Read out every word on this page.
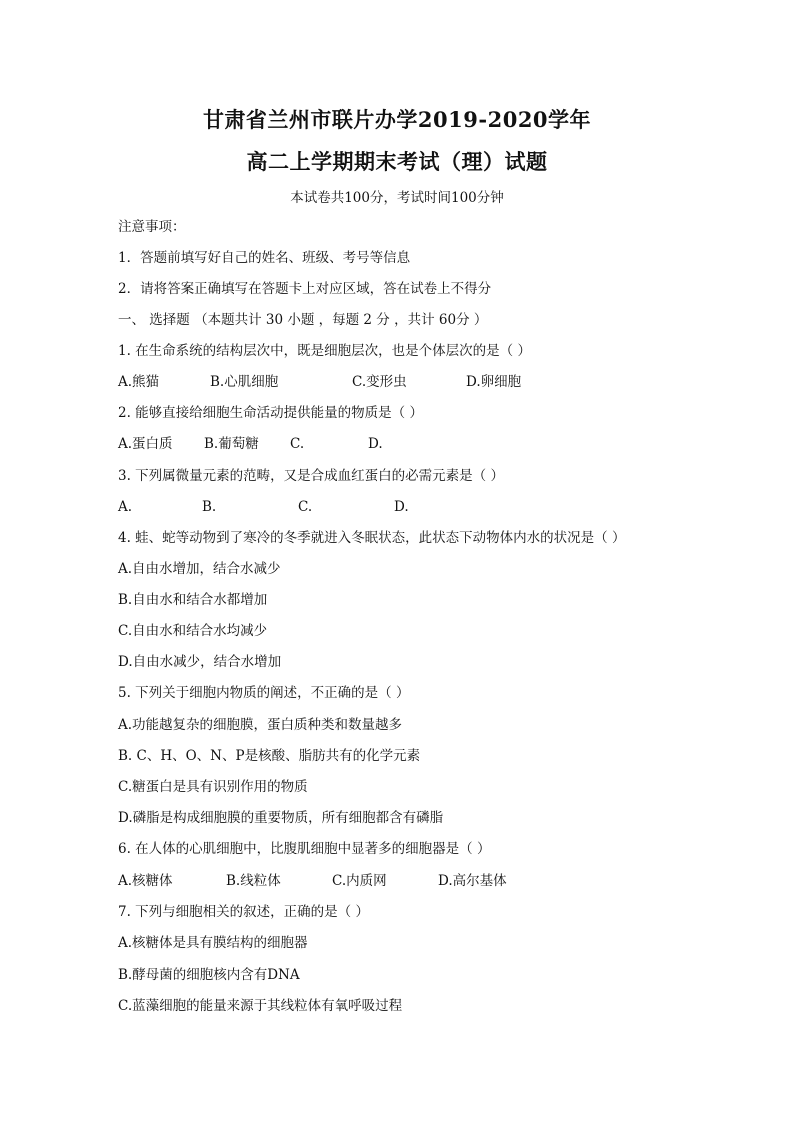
甘肃省兰州市联片办学2019-2020学年
高二上学期期末考试（理）试题
本试卷共100分，考试时间100分钟
注意事项：
1．答题前填写好自己的姓名、班级、考号等信息
2．请将答案正确填写在答题卡上对应区域，答在试卷上不得分
一、 选择题 （本题共计 30 小题 ，每题 2 分 ，共计 60分 ）
1. 在生命系统的结构层次中，既是细胞层次，也是个体层次的是（ ）
A.熊猫	B.心肌细胞	C.变形虫	D.卵细胞
2. 能够直接给细胞生命活动提供能量的物质是（ ）
A.蛋白质 B.葡萄糖 C.	D.
3. 下列属微量元素的范畴，又是合成血红蛋白的必需元素是（ ）
A.	B.	C.	D.
4. 蛙、蛇等动物到了寒冷的冬季就进入冬眠状态，此状态下动物体内水的状况是（ ）
A.自由水增加，结合水减少
B.自由水和结合水都增加
C.自由水和结合水均减少
D.自由水减少，结合水增加
5. 下列关于细胞内物质的阐述，不正确的是（ ）
A.功能越复杂的细胞膜，蛋白质种类和数量越多
B. C、H、O、N、P是核酸、脂肪共有的化学元素
C.糖蛋白是具有识别作用的物质
D.磷脂是构成细胞膜的重要物质，所有细胞都含有磷脂
6. 在人体的心肌细胞中，比腹肌细胞中显著多的细胞器是（ ）
A.核糖体	B.线粒体	C.内质网	D.高尔基体
7. 下列与细胞相关的叙述，正确的是（ ）
A.核糖体是具有膜结构的细胞器
B.酵母菌的细胞核内含有DNA
C.蓝藻细胞的能量来源于其线粒体有氧呼吸过程
